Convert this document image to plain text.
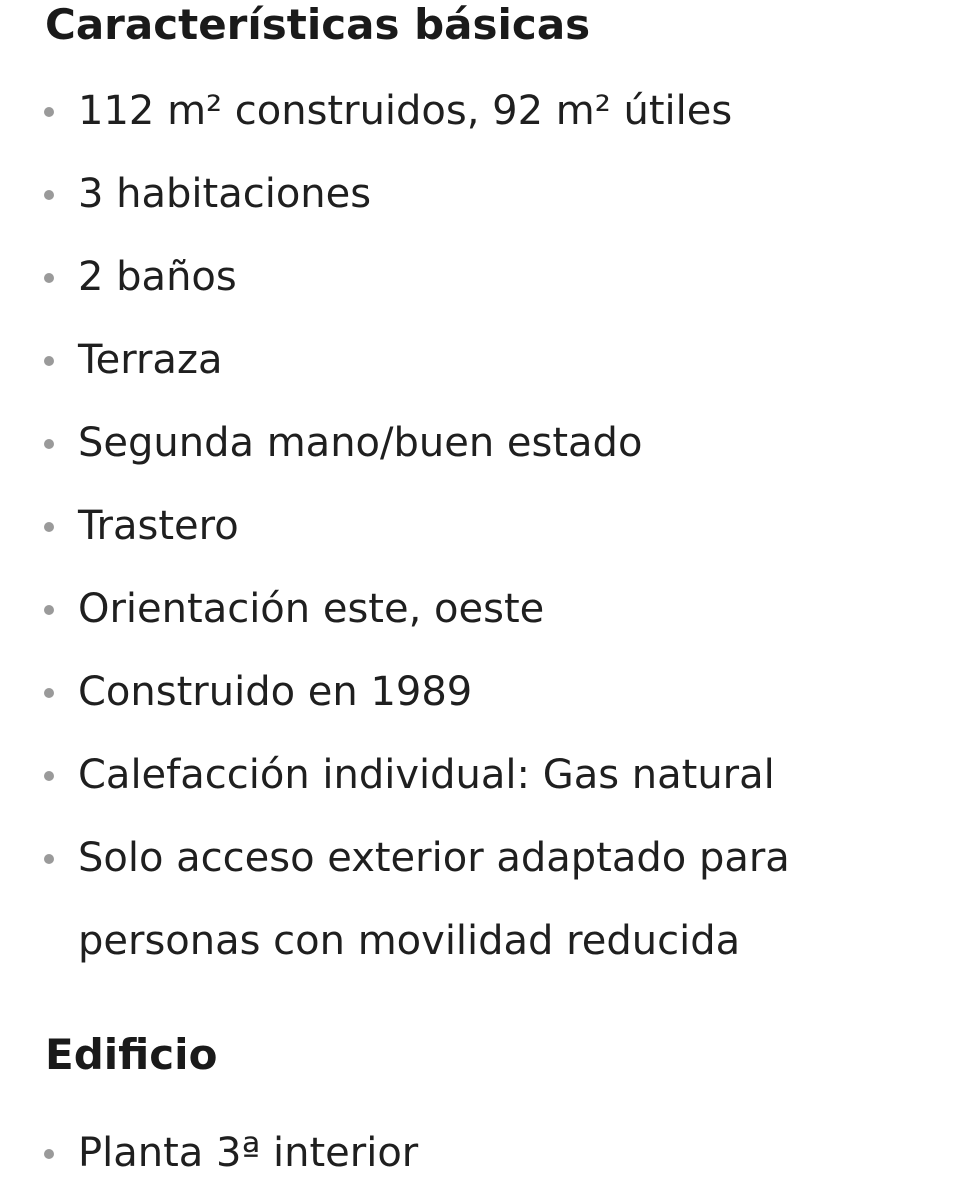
Características básicas
112 m² construidos, 92 m² útiles
3 habitaciones
2 baños
Terraza
Segunda mano/buen estado
Trastero
Orientación este, oeste
Construido en 1989
Calefacción individual: Gas natural
Solo acceso exterior adaptado para personas con movilidad reducida
Edificio
Planta 3ª interior
